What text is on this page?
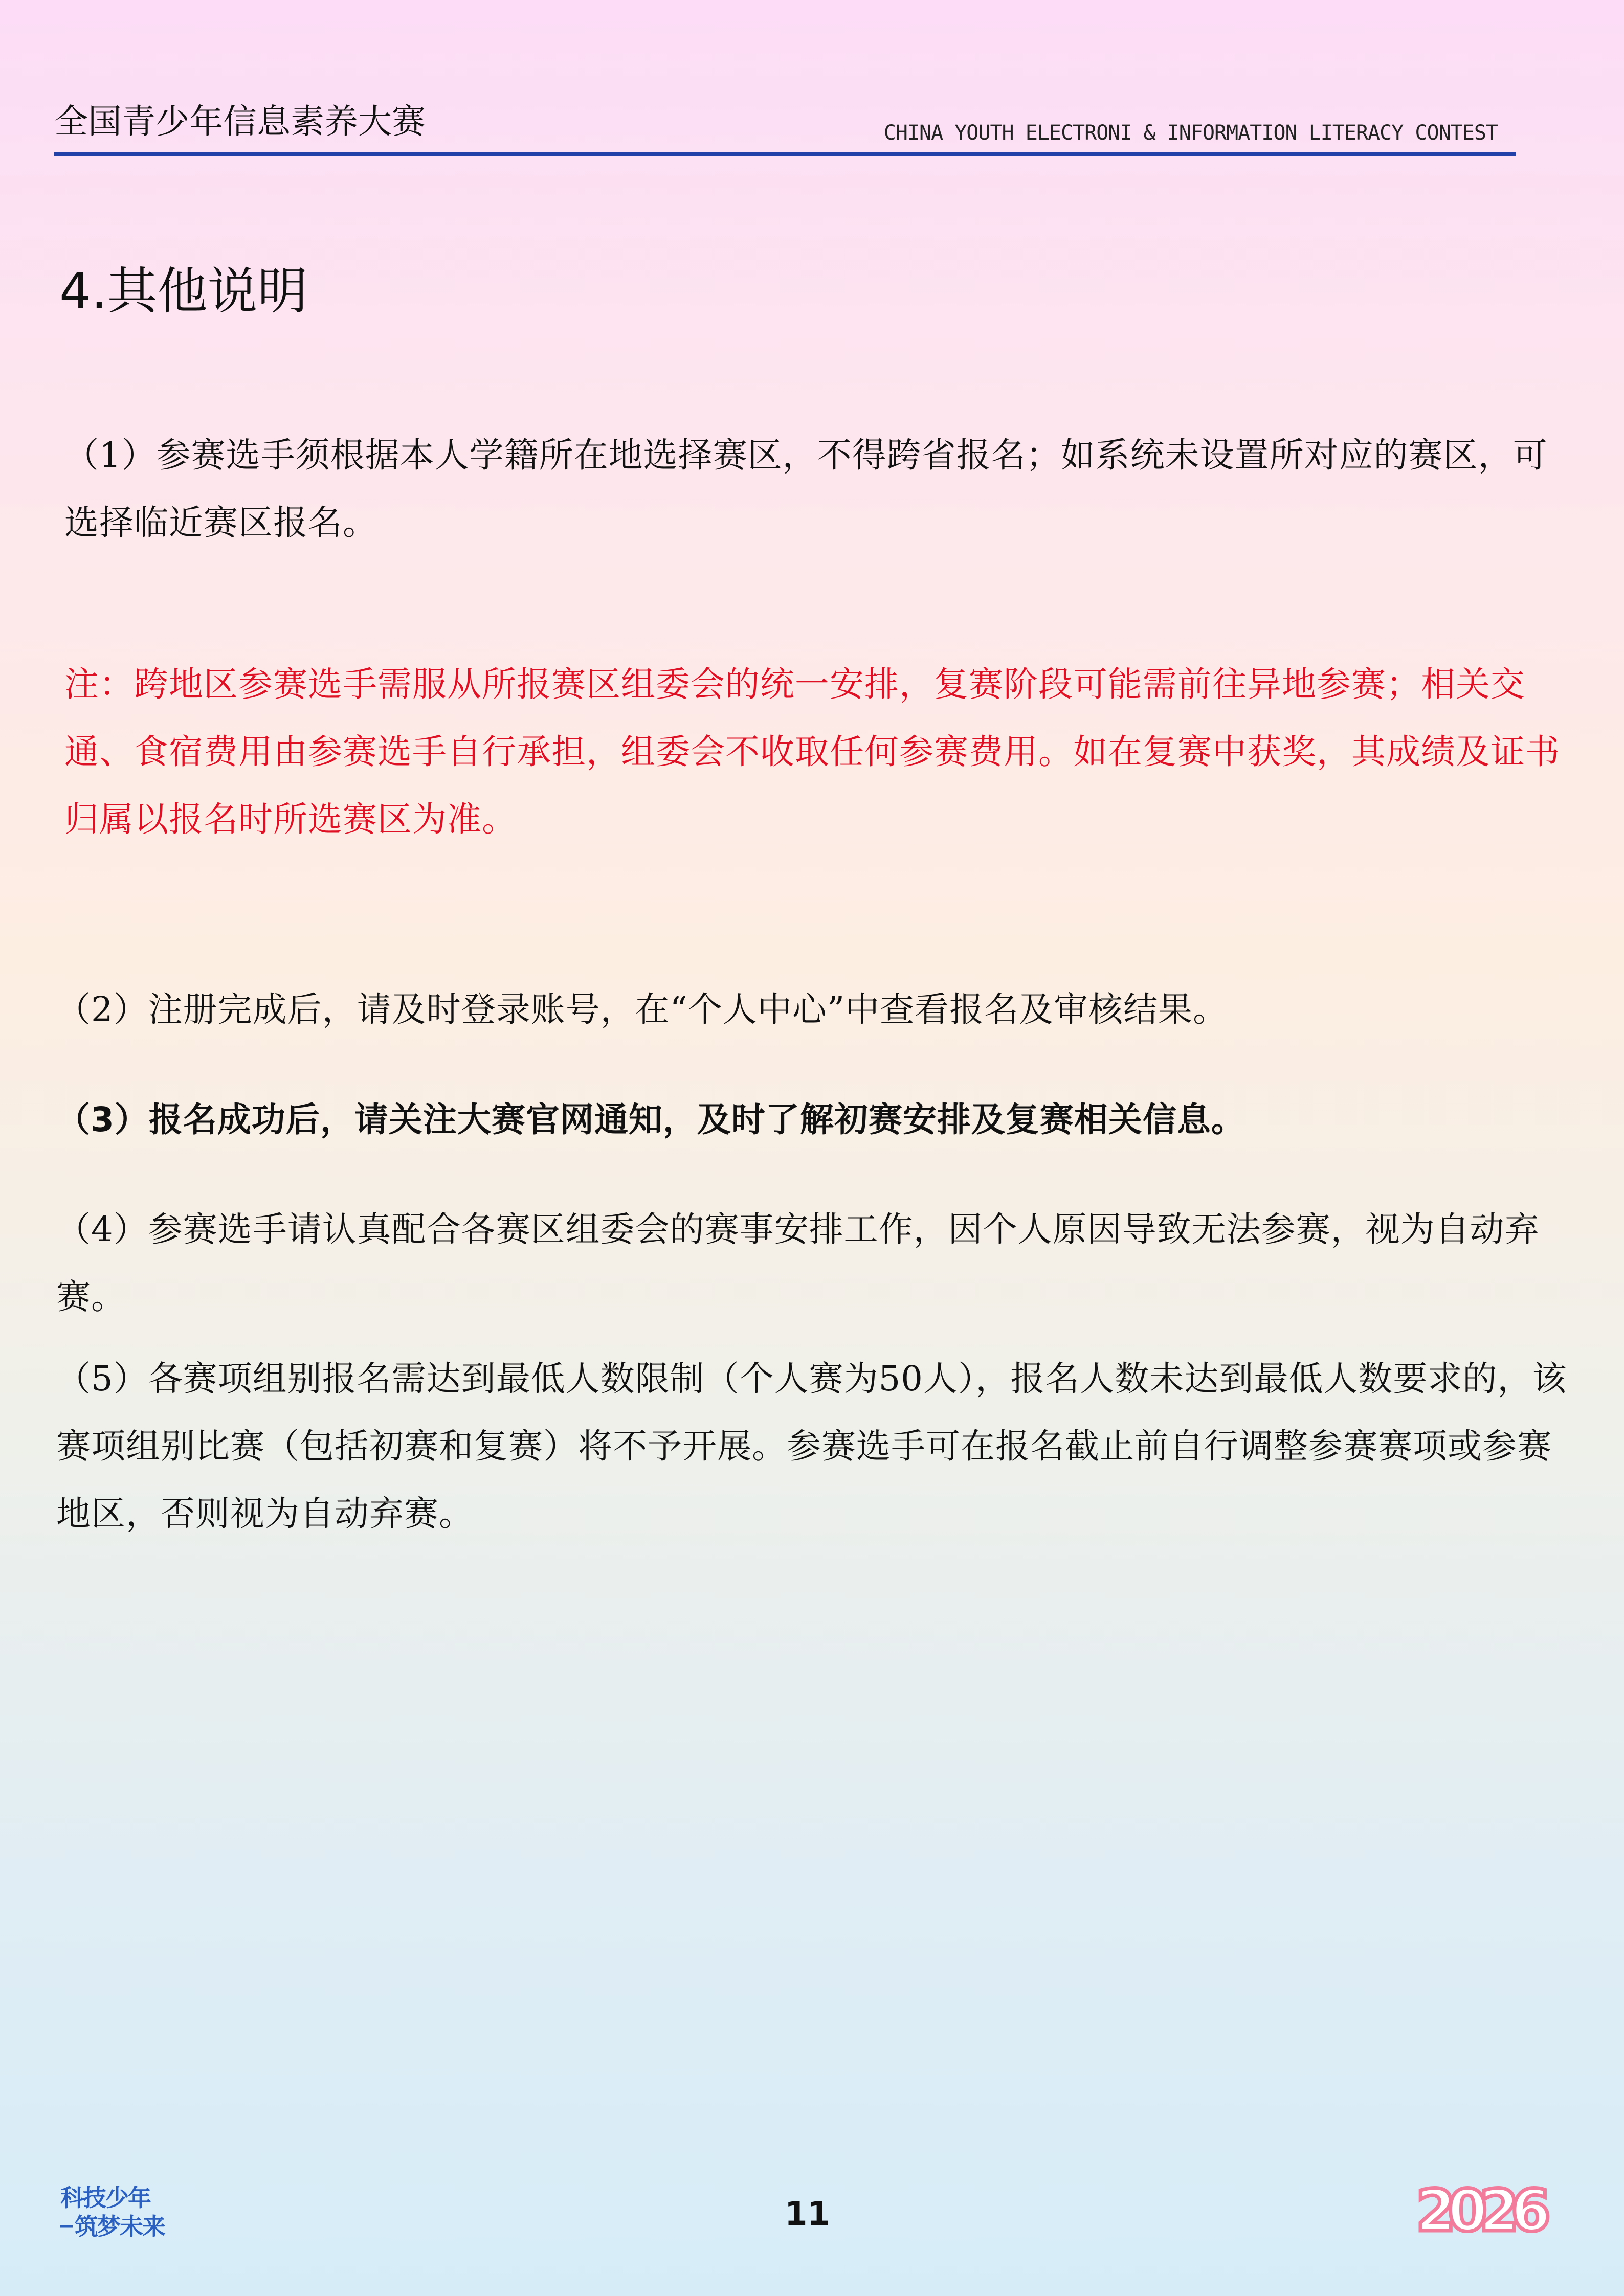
全国青少年信息素养大赛	CHINA YOUTH ELECTRONI & INFORMATION LITERACY CONTEST
4.其他说明

（1）参赛选手须根据本人学籍所在地选择赛区，不得跨省报名；如系统未设置所对应的赛区，可选择临近赛区报名。

注：跨地区参赛选手需服从所报赛区组委会的统一安排，复赛阶段可能需前往异地参赛；相关交通、食宿费用由参赛选手自行承担，组委会不收取任何参赛费用。如在复赛中获奖，其成绩及证书归属以报名时所选赛区为准。

（2）注册完成后，请及时登录账号，在“个人中心”中查看报名及审核结果。

（3）报名成功后，请关注大赛官网通知，及时了解初赛安排及复赛相关信息。

（4）参赛选手请认真配合各赛区组委会的赛事安排工作，因个人原因导致无法参赛，视为自动弃赛。

（5）各赛项组别报名需达到最低人数限制（个人赛为50人），报名人数未达到最低人数要求的，该赛项组别比赛（包括初赛和复赛）将不予开展。参赛选手可在报名截止前自行调整参赛赛项或参赛地区，否则视为自动弃赛。

科技少年
筑梦未来	11	2026
